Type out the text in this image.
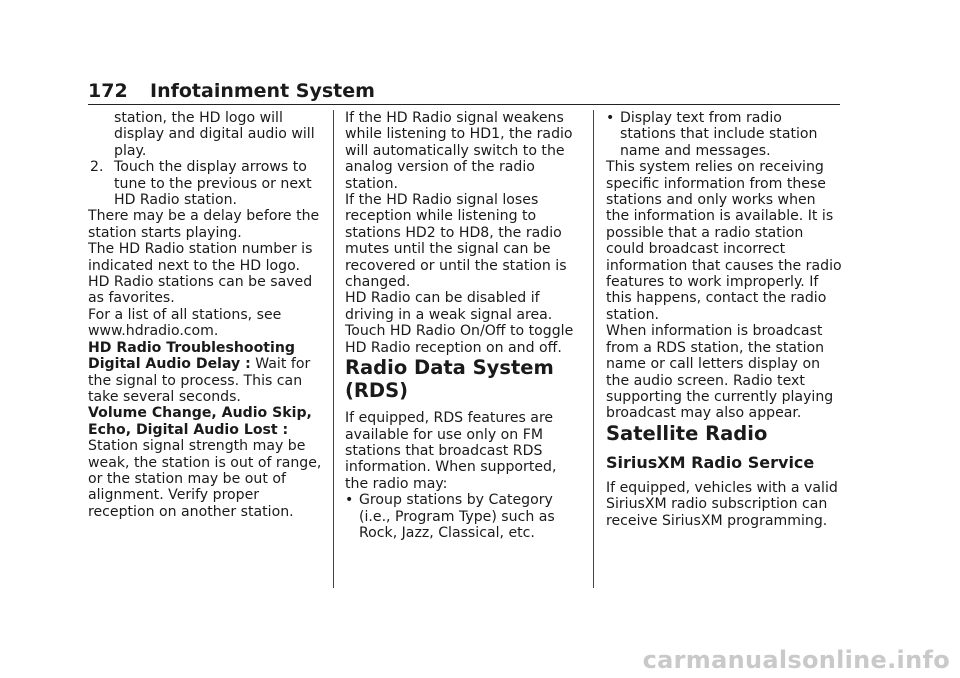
172 Infotainment System

station, the HD logo will display and digital audio will play.

2. Touch the display arrows to tune to the previous or next HD Radio station.

There may be a delay before the station starts playing.

The HD Radio station number is indicated next to the HD logo.

HD Radio stations can be saved as favorites.

For a list of all stations, see www.hdradio.com.

HD Radio Troubleshooting

Digital Audio Delay : Wait for the signal to process. This can take several seconds.

Volume Change, Audio Skip, Echo, Digital Audio Lost :
Station signal strength may be weak, the station is out of range, or the station may be out of alignment. Verify proper reception on another station.

If the HD Radio signal weakens while listening to HD1, the radio will automatically switch to the analog version of the radio station.

If the HD Radio signal loses reception while listening to stations HD2 to HD8, the radio mutes until the signal can be recovered or until the station is changed.

HD Radio can be disabled if driving in a weak signal area. Touch HD Radio On/Off to toggle HD Radio reception on and off.

Radio Data System (RDS)

If equipped, RDS features are available for use only on FM stations that broadcast RDS information. When supported, the radio may:

• Group stations by Category (i.e., Program Type) such as Rock, Jazz, Classical, etc.
• Display text from radio stations that include station name and messages.

This system relies on receiving specific information from these stations and only works when the information is available. It is possible that a radio station could broadcast incorrect information that causes the radio features to work improperly. If this happens, contact the radio station.

When information is broadcast from a RDS station, the station name or call letters display on the audio screen. Radio text supporting the currently playing broadcast may also appear.

Satellite Radio
SiriusXM Radio Service

If equipped, vehicles with a valid SiriusXM radio subscription can receive SiriusXM programming.

carmanualsonline.info
